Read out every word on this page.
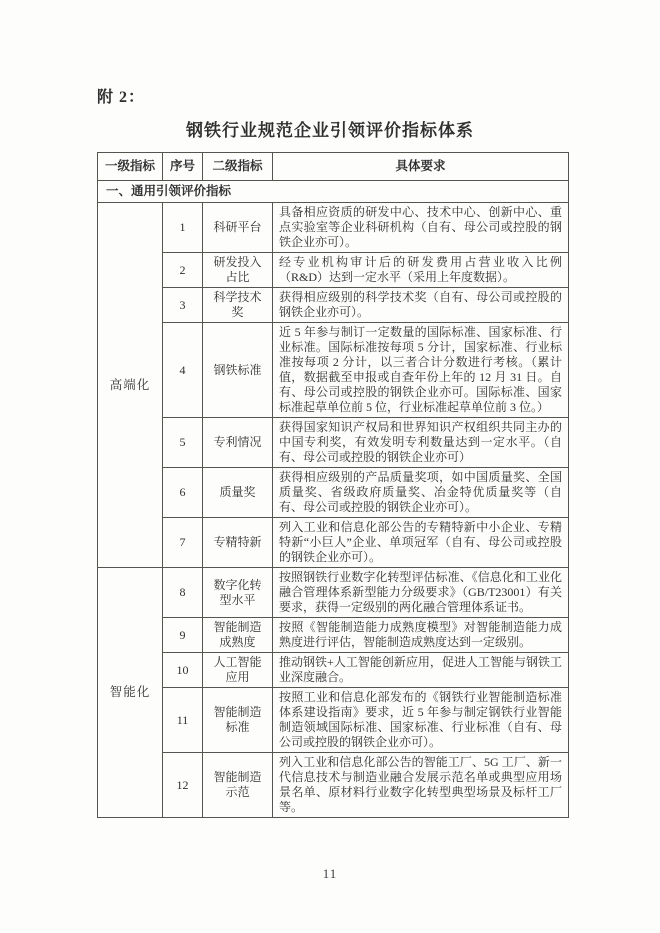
附 2：
钢铁行业规范企业引领评价指标体系
一级指标	序号	二级指标	具体要求
一、通用引领评价指标			
高端化	1	科研平台	具备相应资质的研发中心、技术中心、创新中心、重点实验室等企业科研机构（自有、母公司或控股的钢铁企业亦可）。
	2	研发投入占比	经专业机构审计后的研发费用占营业收入比例（R&D）达到一定水平（采用上年度数据）。
	3	科学技术奖	获得相应级别的科学技术奖（自有、母公司或控股的钢铁企业亦可）。
	4	钢铁标准	近 5 年参与制订一定数量的国际标准、国家标准、行业标准。国际标准按每项 5 分计，国家标准、行业标准按每项 2 分计，以三者合计分数进行考核。（累计值，数据截至申报或自查年份上年的 12 月 31 日。自有、母公司或控股的钢铁企业亦可。国际标准、国家标准起草单位前 5 位，行业标准起草单位前 3 位。）
	5	专利情况	获得国家知识产权局和世界知识产权组织共同主办的中国专利奖，有效发明专利数量达到一定水平。（自有、母公司或控股的钢铁企业亦可）
	6	质量奖	获得相应级别的产品质量奖项，如中国质量奖、全国质量奖、省级政府质量奖、冶金特优质量奖等（自有、母公司或控股的钢铁企业亦可）。
	7	专精特新	列入工业和信息化部公告的专精特新中小企业、专精特新“小巨人”企业、单项冠军（自有、母公司或控股的钢铁企业亦可）。
智能化	8	数字化转型水平	按照钢铁行业数字化转型评估标准、《信息化和工业化融合管理体系新型能力分级要求》（GB/T23001）有关要求，获得一定级别的两化融合管理体系证书。
	9	智能制造成熟度	按照《智能制造能力成熟度模型》对智能制造能力成熟度进行评估，智能制造成熟度达到一定级别。
	10	人工智能应用	推动钢铁+人工智能创新应用，促进人工智能与钢铁工业深度融合。
	11	智能制造标准	按照工业和信息化部发布的《钢铁行业智能制造标准体系建设指南》要求，近 5 年参与制定钢铁行业智能制造领域国际标准、国家标准、行业标准（自有、母公司或控股的钢铁企业亦可）。
	12	智能制造示范	列入工业和信息化部公告的智能工厂、5G 工厂、新一代信息技术与制造业融合发展示范名单或典型应用场景名单、原材料行业数字化转型典型场景及标杆工厂等。
11
